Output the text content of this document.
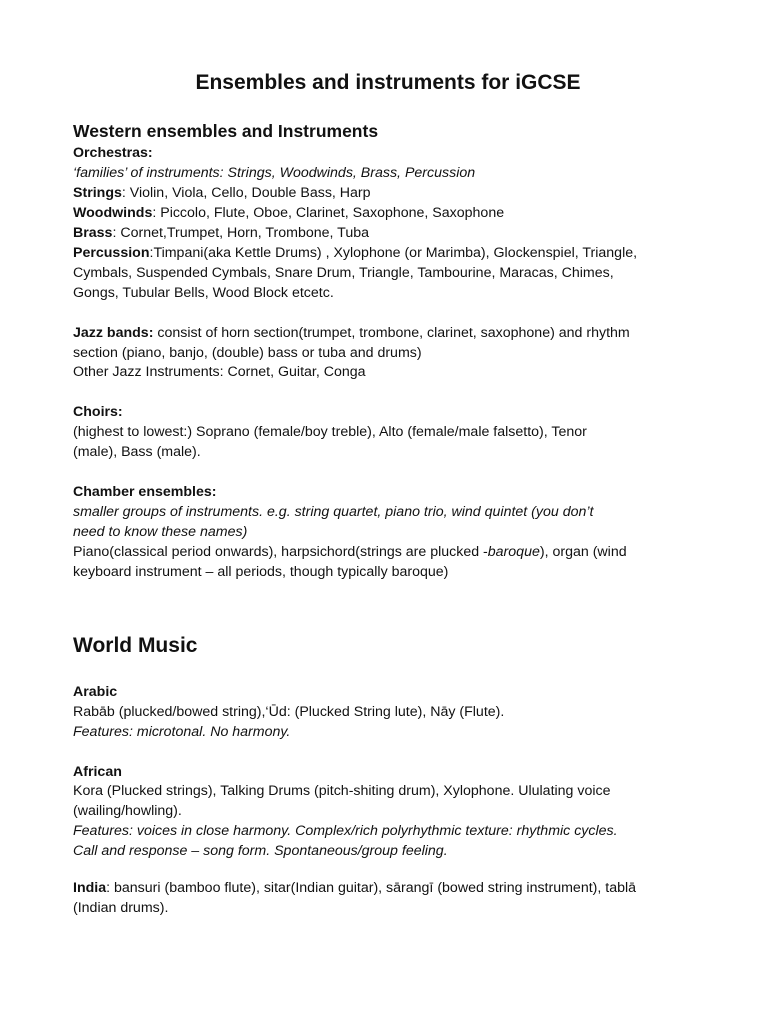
Ensembles and instruments for iGCSE
Western ensembles and Instruments
Orchestras:
‘families’ of instruments: Strings, Woodwinds, Brass, Percussion
Strings: Violin, Viola, Cello, Double Bass, Harp
Woodwinds: Piccolo, Flute, Oboe, Clarinet, Saxophone, Saxophone
Brass: Cornet,Trumpet, Horn, Trombone, Tuba
Percussion:Timpani(aka Kettle Drums) , Xylophone (or Marimba), Glockenspiel, Triangle,
Cymbals, Suspended Cymbals, Snare Drum, Triangle, Tambourine, Maracas, Chimes,
Gongs, Tubular Bells, Wood Block etcetc.
Jazz bands: consist of horn section(trumpet, trombone, clarinet, saxophone) and rhythm
section (piano, banjo, (double) bass or tuba and drums)
Other Jazz Instruments: Cornet, Guitar, Conga
Choirs:
(highest to lowest:) Soprano (female/boy treble), Alto (female/male falsetto), Tenor
(male), Bass (male).
Chamber ensembles:
smaller groups of instruments. e.g. string quartet, piano trio, wind quintet (you don’t
need to know these names)
Piano(classical period onwards), harpsichord(strings are plucked -baroque), organ (wind
keyboard instrument – all periods, though typically baroque)
World Music
Arabic
Rabāb (plucked/bowed string),‘Ūd: (Plucked String lute), Nāy (Flute).
Features: microtonal. No harmony.
African
Kora (Plucked strings), Talking Drums (pitch-shiting drum), Xylophone. Ululating voice
(wailing/howling).
Features: voices in close harmony. Complex/rich polyrhythmic texture: rhythmic cycles.
Call and response – song form. Spontaneous/group feeling.
India: bansuri (bamboo flute), sitar(Indian guitar), sārangī (bowed string instrument), tablā
(Indian drums).
